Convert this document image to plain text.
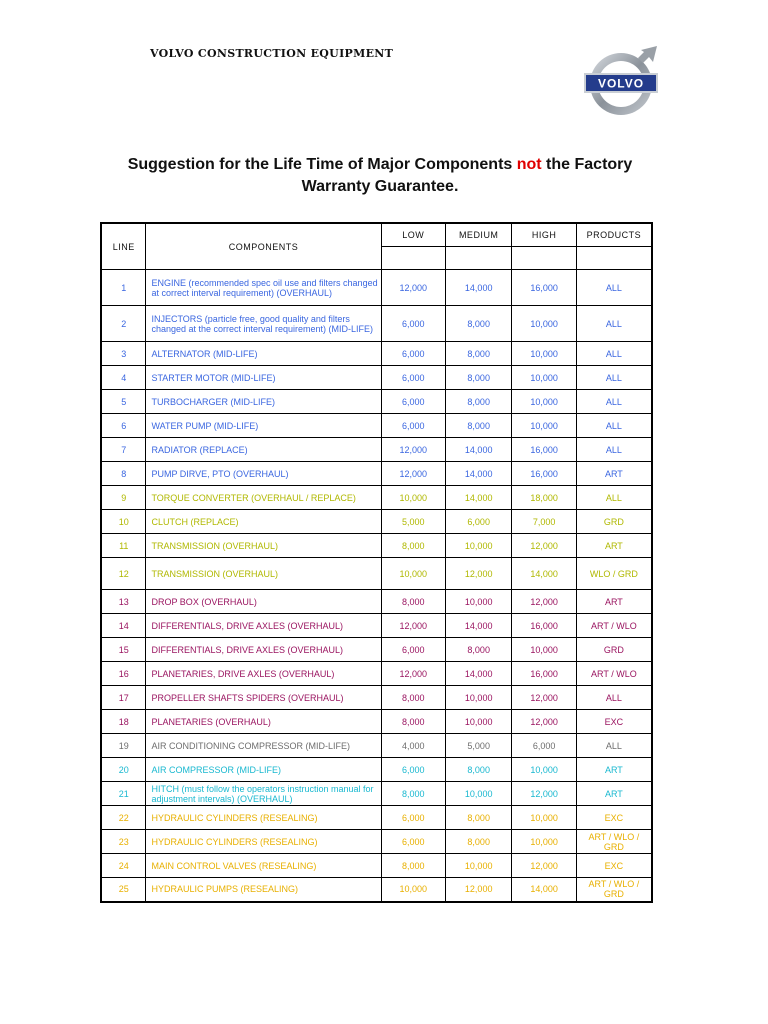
VOLVO CONSTRUCTION EQUIPMENT
VOLVO
Suggestion for the Life Time of Major Components not the Factory Warranty Guarantee.
LINE	COMPONENTS	LOW	MEDIUM	HIGH	PRODUCTS

1	ENGINE (recommended spec oil use and filters changed at correct interval requirement) (OVERHAUL)	12,000	14,000	16,000	ALL
2	INJECTORS (particle free, good quality and filters changed at the correct interval requirement) (MID-LIFE)	6,000	8,000	10,000	ALL
3	ALTERNATOR (MID-LIFE)	6,000	8,000	10,000	ALL
4	STARTER MOTOR (MID-LIFE)	6,000	8,000	10,000	ALL
5	TURBOCHARGER (MID-LIFE)	6,000	8,000	10,000	ALL
6	WATER PUMP (MID-LIFE)	6,000	8,000	10,000	ALL
7	RADIATOR (REPLACE)	12,000	14,000	16,000	ALL
8	PUMP DIRVE, PTO (OVERHAUL)	12,000	14,000	16,000	ART
9	TORQUE CONVERTER (OVERHAUL / REPLACE)	10,000	14,000	18,000	ALL
10	CLUTCH (REPLACE)	5,000	6,000	7,000	GRD
11	TRANSMISSION (OVERHAUL)	8,000	10,000	12,000	ART
12	TRANSMISSION (OVERHAUL)	10,000	12,000	14,000	WLO / GRD
13	DROP BOX (OVERHAUL)	8,000	10,000	12,000	ART
14	DIFFERENTIALS, DRIVE AXLES (OVERHAUL)	12,000	14,000	16,000	ART / WLO
15	DIFFERENTIALS, DRIVE AXLES (OVERHAUL)	6,000	8,000	10,000	GRD
16	PLANETARIES, DRIVE AXLES (OVERHAUL)	12,000	14,000	16,000	ART / WLO
17	PROPELLER SHAFTS SPIDERS (OVERHAUL)	8,000	10,000	12,000	ALL
18	PLANETARIES (OVERHAUL)	8,000	10,000	12,000	EXC
19	AIR CONDITIONING COMPRESSOR (MID-LIFE)	4,000	5,000	6,000	ALL
20	AIR COMPRESSOR (MID-LIFE)	6,000	8,000	10,000	ART
21	HITCH (must follow the operators instruction manual for adjustment intervals) (OVERHAUL)	8,000	10,000	12,000	ART
22	HYDRAULIC CYLINDERS (RESEALING)	6,000	8,000	10,000	EXC
23	HYDRAULIC CYLINDERS (RESEALING)	6,000	8,000	10,000	ART / WLO / GRD
24	MAIN CONTROL VALVES (RESEALING)	8,000	10,000	12,000	EXC
25	HYDRAULIC PUMPS (RESEALING)	10,000	12,000	14,000	ART / WLO / GRD
